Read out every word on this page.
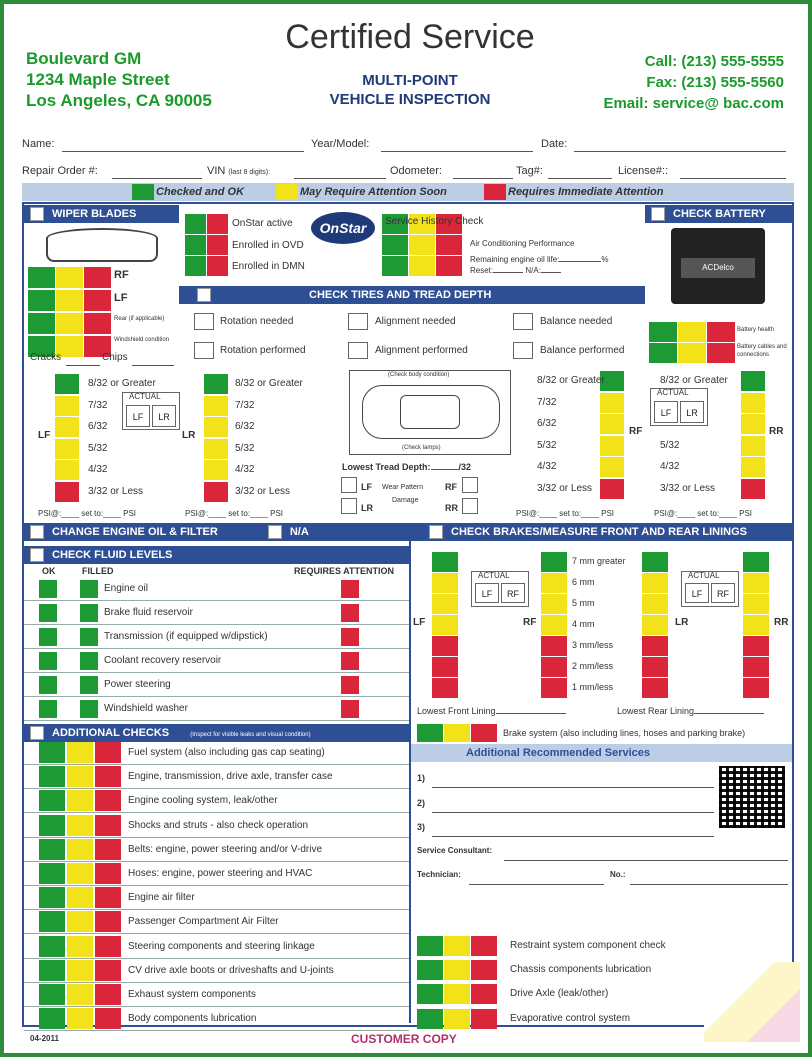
Boulevard GM
1234 Maple Street
Los Angeles, CA 90005
Certified Service
MULTI-POINT
VEHICLE INSPECTION
Call: (213) 555-5555
Fax: (213) 555-5560
Email: service@ bac.com
Name:	Year/Model:	Date:
Repair Order #:	VIN (last 8 digits):	Odometer:	Tag#:	License#::
Checked and OK	May Require Attention Soon	Requires Immediate Attention
WIPER BLADES
RF
LF
Rear (if applicable)
Windshield condition
Cracks	Chips
OnStar active
Enrolled in OVD
Enrolled in DMN
OnStar	Service History Check
Air Conditioning Performance
Remaining engine oil life:	%
Reset:	N/A:
CHECK BATTERY
ACDelco
Battery health
Battery cables and connections
CHECK TIRES AND TREAD DEPTH
Rotation needed
Rotation performed
Alignment needed
Alignment performed
Balance needed
Balance performed
8/32 or Greater
7/32
6/32
5/32
4/32
3/32 or Less
8/32 or Greater
7/32
6/32
5/32
4/32
3/32 or Less
8/32 or Greater
7/32
6/32
5/32
4/32
3/32 or Less
8/32 or Greater
5/32
4/32
3/32 or Less
ACTUAL
LF	LR
ACTUAL
LF	LR
LF	LR	RF	RR
(Check body condition)
(Check lamps)
Lowest Tread Depth:	/32
LF
LR
Wear Pattern
Damage
RF
RR
PSI@:____ set to:____ PSI	PSI@:____ set to:____ PSI	PSI@:____ set to:____ PSI	PSI@:____ set to:____ PSI
CHANGE ENGINE OIL & FILTER	N/A	CHECK BRAKES/MEASURE FRONT AND REAR LININGS
CHECK FLUID LEVELS
OK	FILLED	REQUIRES ATTENTION
Engine oil
Brake fluid reservoir
Transmission (if equipped w/dipstick)
Coolant recovery reservoir
Power steering
Windshield washer
7 mm greater
6 mm
5 mm
4 mm
3 mm/less
2 mm/less
1 mm/less
ACTUAL
LF	RF
ACTUAL
LF	RF
LF	RF	LR	RR
Lowest Front Lining	Lowest Rear Lining
Brake system (also including lines, hoses and parking brake)
ADDITIONAL CHECKS	(Inspect for visible leaks and visual condition)
Fuel system (also including gas cap seating)
Engine, transmission, drive axle, transfer case
Engine cooling system, leak/other
Shocks and struts - also check operation
Belts: engine, power steering and/or V-drive
Hoses: engine, power steering and HVAC
Engine air filter
Passenger Compartment Air Filter
Steering components and steering linkage
CV drive axle boots or driveshafts and U-joints
Exhaust system components
Body components lubrication
Additional Recommended Services
1)
2)
3)
Service Consultant:
Technician:	No.:
Restraint system component check
Chassis components lubrication
Drive Axle (leak/other)
Evaporative control system
04-2011	CUSTOMER COPY
